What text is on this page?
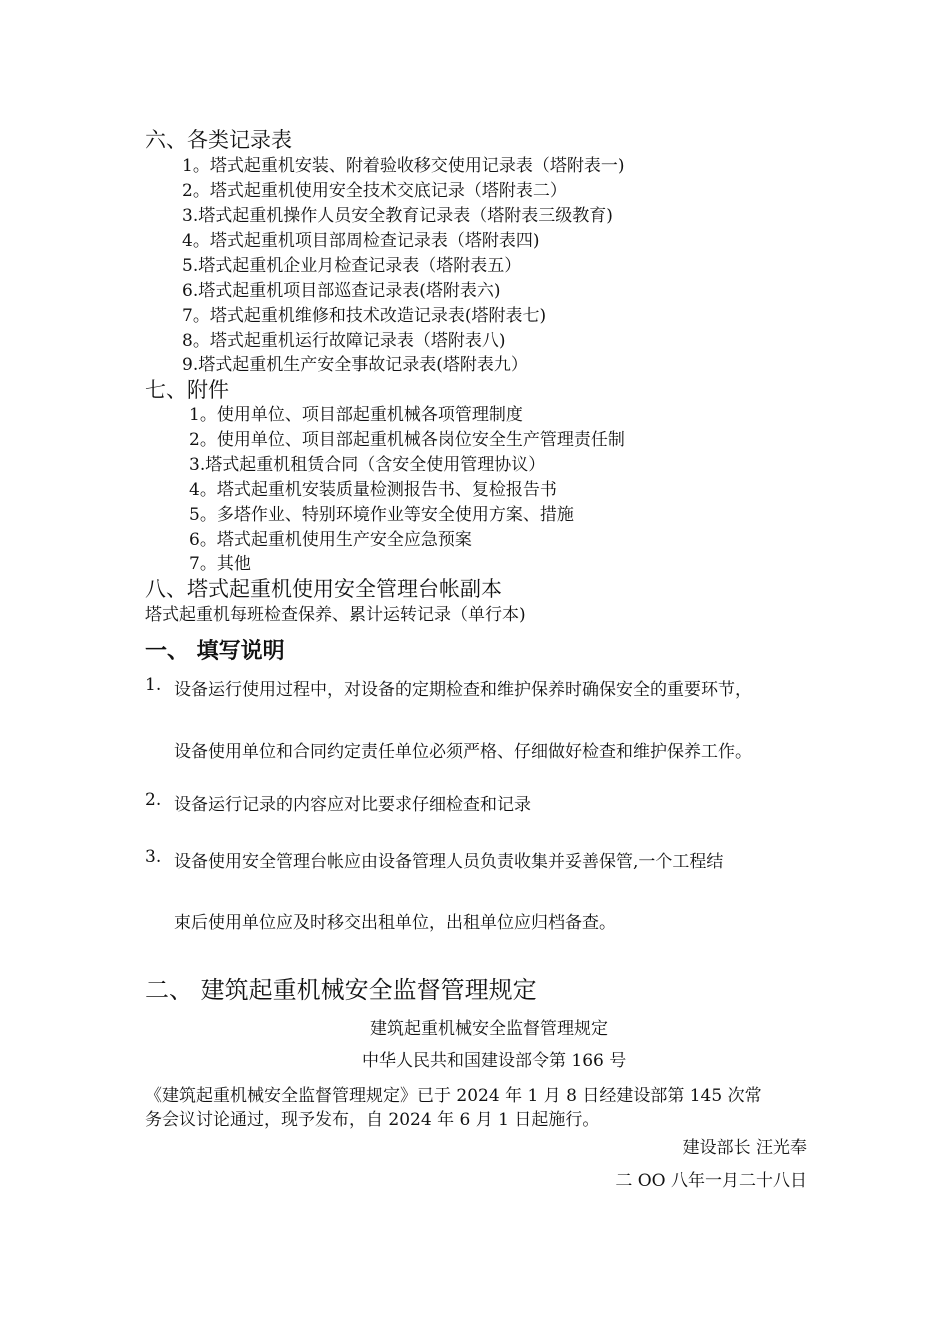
六、各类记录表
1。塔式起重机安装、附着验收移交使用记录表（塔附表一)
2。塔式起重机使用安全技术交底记录（塔附表二）
3.塔式起重机操作人员安全教育记录表（塔附表三级教育)
4。塔式起重机项目部周检查记录表（塔附表四)
5.塔式起重机企业月检查记录表（塔附表五）
6.塔式起重机项目部巡查记录表(塔附表六)
7。塔式起重机维修和技术改造记录表(塔附表七)
8。塔式起重机运行故障记录表（塔附表八)
9.塔式起重机生产安全事故记录表(塔附表九）
七、附件
1。使用单位、项目部起重机械各项管理制度
2。使用单位、项目部起重机械各岗位安全生产管理责任制
3.塔式起重机租赁合同（含安全使用管理协议）
4。塔式起重机安装质量检测报告书、复检报告书
5。多塔作业、特别环境作业等安全使用方案、措施
6。塔式起重机使用生产安全应急预案
7。其他
八、塔式起重机使用安全管理台帐副本
塔式起重机每班检查保养、累计运转记录（单行本)
一、 填写说明
1. 设备运行使用过程中，对设备的定期检查和维护保养时确保安全的重要环节，
设备使用单位和合同约定责任单位必须严格、仔细做好检查和维护保养工作。
2. 设备运行记录的内容应对比要求仔细检查和记录
3. 设备使用安全管理台帐应由设备管理人员负责收集并妥善保管,一个工程结
束后使用单位应及时移交出租单位，出租单位应归档备查。
二、 建筑起重机械安全监督管理规定
建筑起重机械安全监督管理规定
中华人民共和国建设部令第 166 号
《建筑起重机械安全监督管理规定》已于 2024 年 1 月 8 日经建设部第 145 次常
务会议讨论通过，现予发布，自 2024 年 6 月 1 日起施行。
建设部长 汪光奉
二 OO 八年一月二十八日
